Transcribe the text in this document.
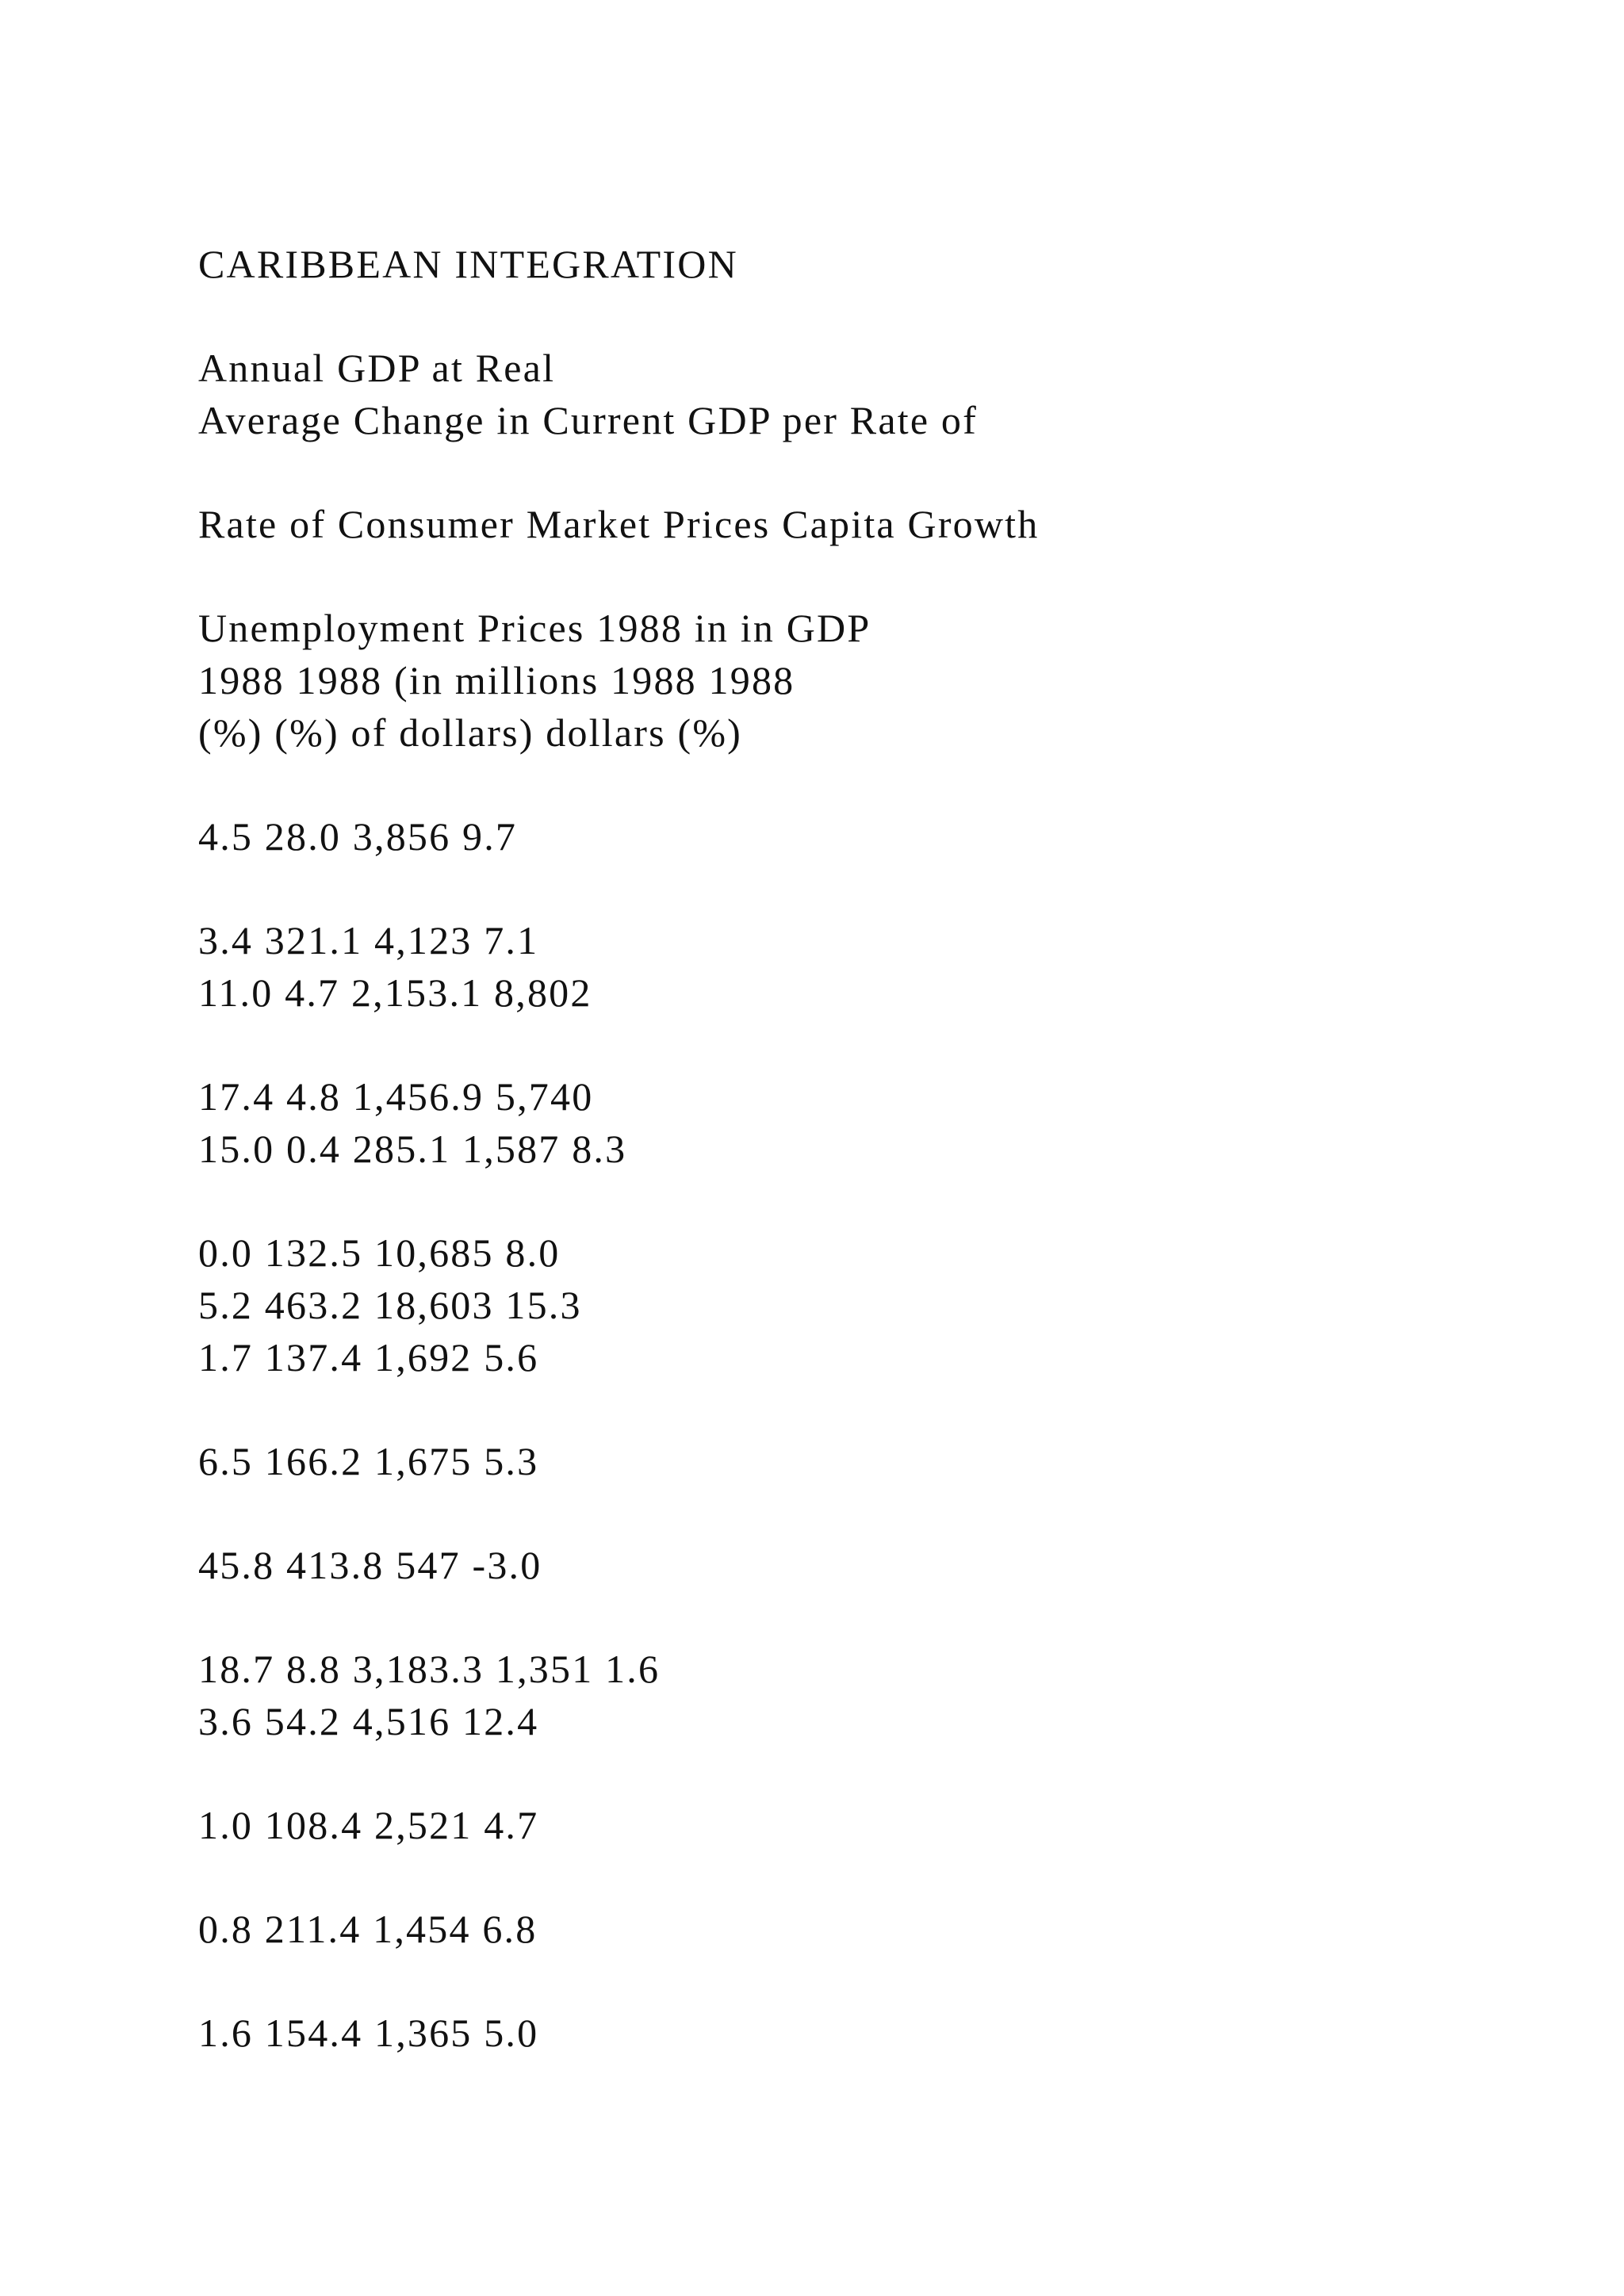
CARIBBEAN INTEGRATION
Annual GDP at Real
Average Change in Current GDP per Rate of
Rate of Consumer Market Prices Capita Growth
Unemployment Prices 1988 in in GDP
1988 1988 (in millions 1988 1988
(%) (%) of dollars) dollars (%)
4.5 28.0 3,856 9.7
3.4 321.1 4,123 7.1
11.0 4.7 2,153.1 8,802
17.4 4.8 1,456.9 5,740
15.0 0.4 285.1 1,587 8.3
0.0 132.5 10,685 8.0
5.2 463.2 18,603 15.3
1.7 137.4 1,692 5.6
6.5 166.2 1,675 5.3
45.8 413.8 547 -3.0
18.7 8.8 3,183.3 1,351 1.6
3.6 54.2 4,516 12.4
1.0 108.4 2,521 4.7
0.8 211.4 1,454 6.8
1.6 154.4 1,365 5.0
